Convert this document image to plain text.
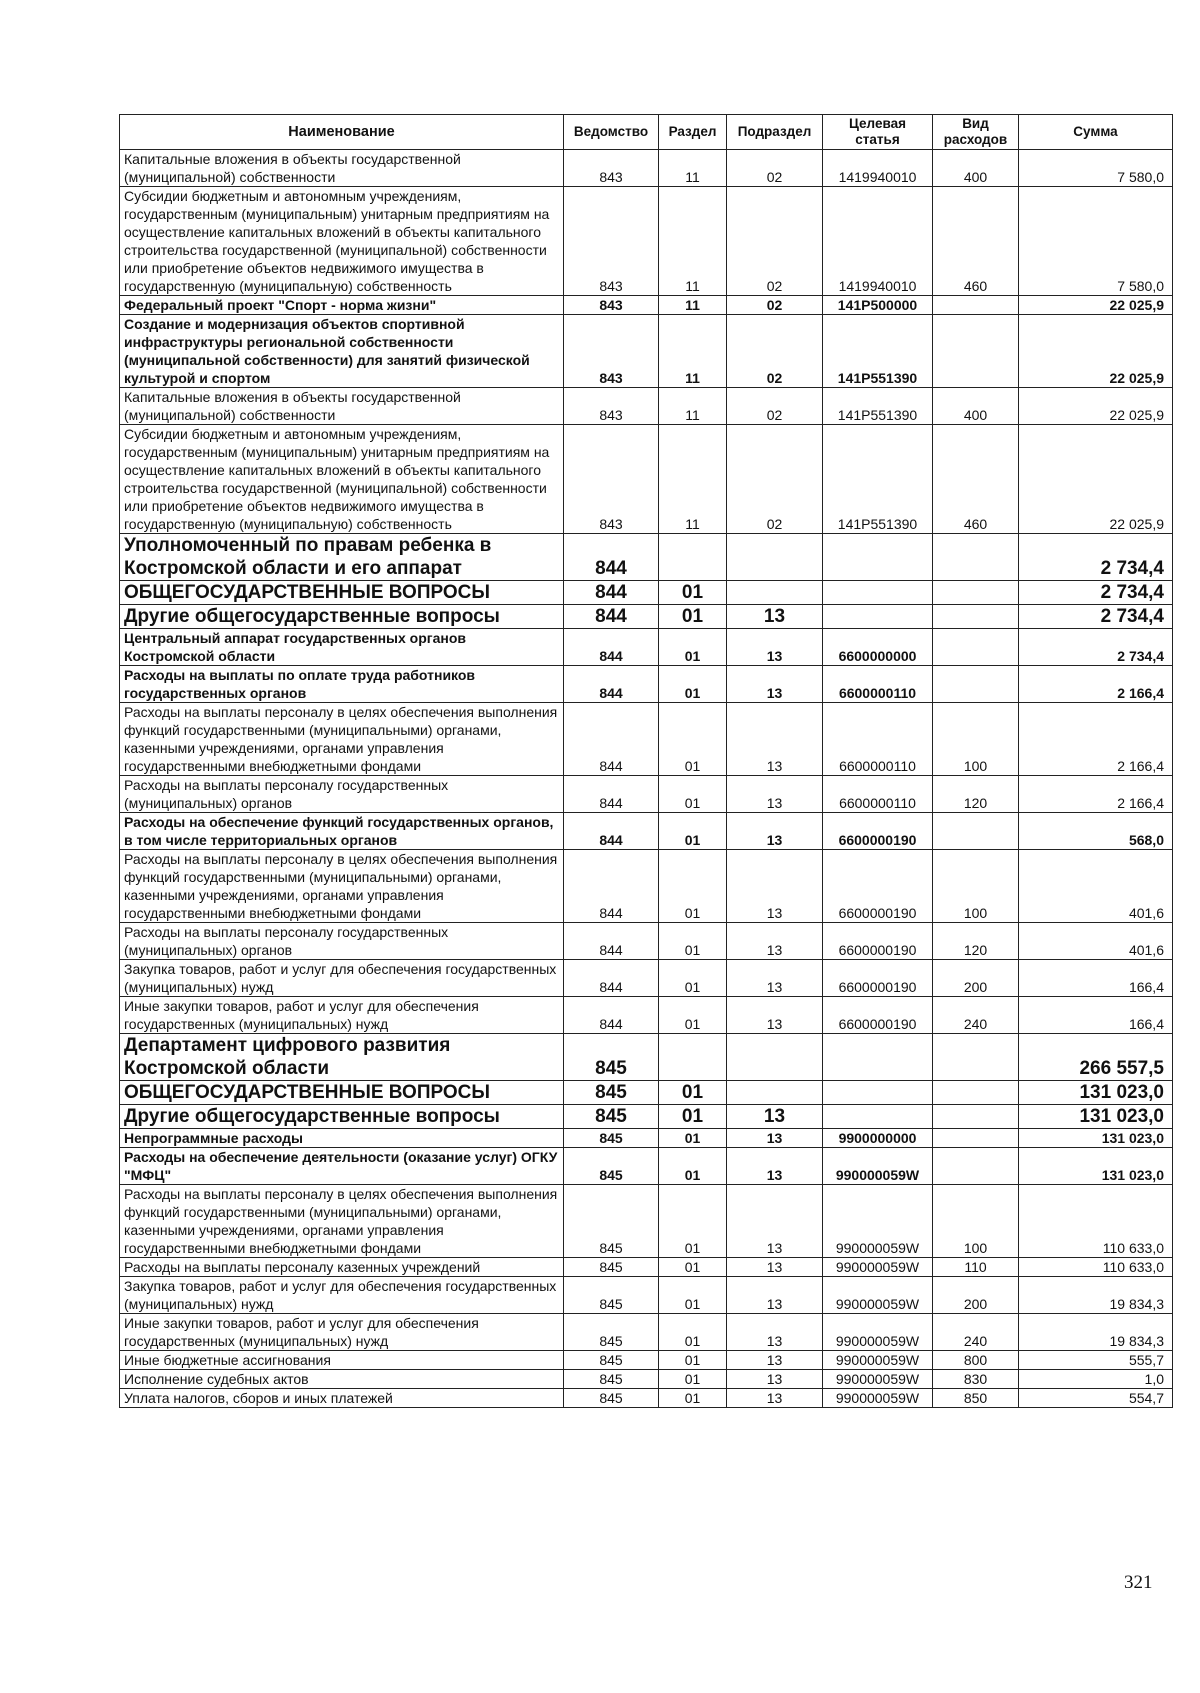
Наименование	Ведомство	Раздел	Подраздел	Целевая статья	Вид расходов	Сумма
Капитальные вложения в объекты государственной (муниципальной) собственности	843	11	02	1419940010	400	7 580,0
Субсидии бюджетным и автономным учреждениям, государственным (муниципальным) унитарным предприятиям на осуществление капитальных вложений в объекты капитального строительства государственной (муниципальной) собственности или приобретение объектов недвижимого имущества в государственную (муниципальную) собственность	843	11	02	1419940010	460	7 580,0
Федеральный проект "Спорт - норма жизни"	843	11	02	141P500000		22 025,9
Создание и модернизация объектов спортивной инфраструктуры региональной собственности (муниципальной собственности) для занятий физической культурой и спортом	843	11	02	141P551390		22 025,9
Капитальные вложения в объекты государственной (муниципальной) собственности	843	11	02	141P551390	400	22 025,9
Субсидии бюджетным и автономным учреждениям, государственным (муниципальным) унитарным предприятиям на осуществление капитальных вложений в объекты капитального строительства государственной (муниципальной) собственности или приобретение объектов недвижимого имущества в государственную (муниципальную) собственность	843	11	02	141P551390	460	22 025,9
Уполномоченный по правам ребенка в Костромской области и его аппарат	844					2 734,4
ОБЩЕГОСУДАРСТВЕННЫЕ ВОПРОСЫ	844	01				2 734,4
Другие общегосударственные вопросы	844	01	13			2 734,4
Центральный аппарат государственных органов Костромской области	844	01	13	6600000000		2 734,4
Расходы на выплаты по оплате труда работников государственных органов	844	01	13	6600000110		2 166,4
Расходы на выплаты персоналу в целях обеспечения выполнения функций государственными (муниципальными) органами, казенными учреждениями, органами управления государственными внебюджетными фондами	844	01	13	6600000110	100	2 166,4
Расходы на выплаты персоналу государственных (муниципальных) органов	844	01	13	6600000110	120	2 166,4
Расходы на обеспечение функций государственных органов, в том числе территориальных органов	844	01	13	6600000190		568,0
Расходы на выплаты персоналу в целях обеспечения выполнения функций государственными (муниципальными) органами, казенными учреждениями, органами управления государственными внебюджетными фондами	844	01	13	6600000190	100	401,6
Расходы на выплаты персоналу государственных (муниципальных) органов	844	01	13	6600000190	120	401,6
Закупка товаров, работ и услуг для обеспечения государственных (муниципальных) нужд	844	01	13	6600000190	200	166,4
Иные закупки товаров, работ и услуг для обеспечения государственных (муниципальных) нужд	844	01	13	6600000190	240	166,4
Департамент цифрового развития Костромской области	845					266 557,5
ОБЩЕГОСУДАРСТВЕННЫЕ ВОПРОСЫ	845	01				131 023,0
Другие общегосударственные вопросы	845	01	13			131 023,0
Непрограммные расходы	845	01	13	9900000000		131 023,0
Расходы на обеспечение деятельности (оказание услуг) ОГКУ "МФЦ"	845	01	13	990000059W		131 023,0
Расходы на выплаты персоналу в целях обеспечения выполнения функций государственными (муниципальными) органами, казенными учреждениями, органами управления государственными внебюджетными фондами	845	01	13	990000059W	100	110 633,0
Расходы на выплаты персоналу казенных учреждений	845	01	13	990000059W	110	110 633,0
Закупка товаров, работ и услуг для обеспечения государственных (муниципальных) нужд	845	01	13	990000059W	200	19 834,3
Иные закупки товаров, работ и услуг для обеспечения государственных (муниципальных) нужд	845	01	13	990000059W	240	19 834,3
Иные бюджетные ассигнования	845	01	13	990000059W	800	555,7
Исполнение судебных актов	845	01	13	990000059W	830	1,0
Уплата налогов, сборов и иных платежей	845	01	13	990000059W	850	554,7
321
